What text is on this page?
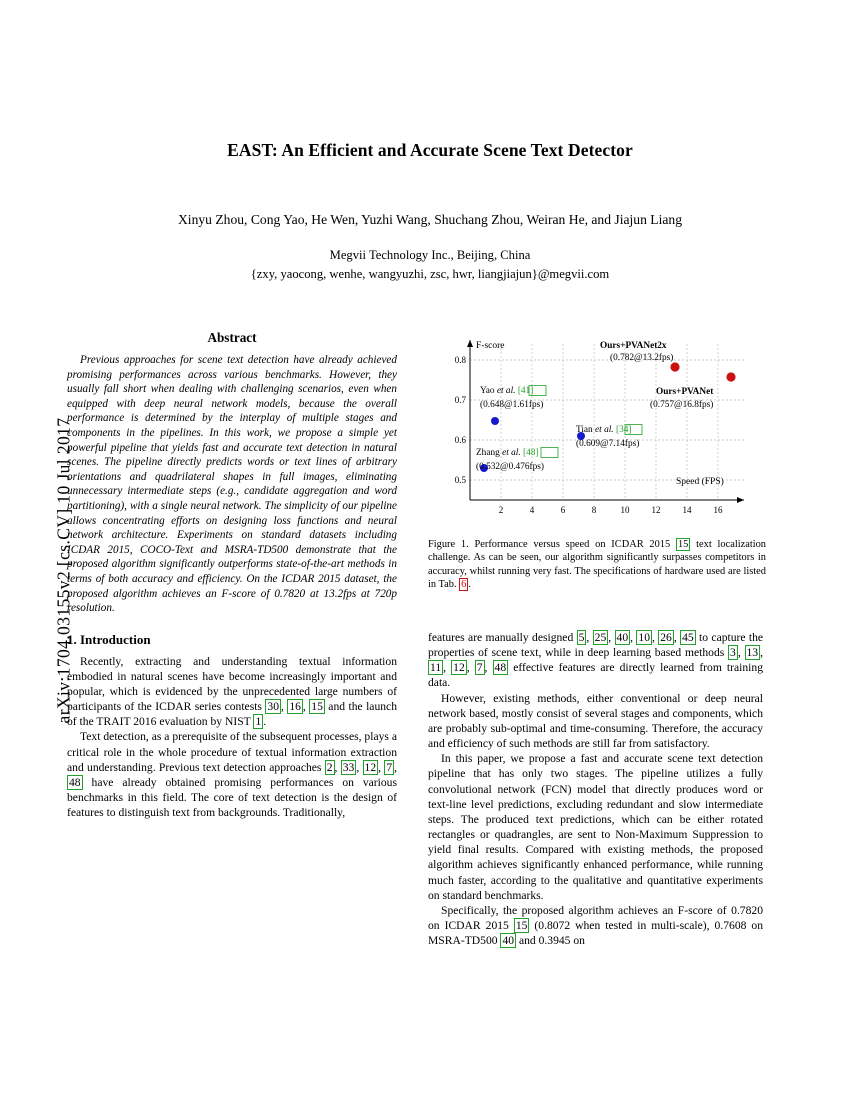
arXiv:1704.03155v2 [cs.CV] 10 Jul 2017
EAST: An Efficient and Accurate Scene Text Detector
Xinyu Zhou, Cong Yao, He Wen, Yuzhi Wang, Shuchang Zhou, Weiran He, and Jiajun Liang
Megvii Technology Inc., Beijing, China
{zxy, yaocong, wenhe, wangyuzhi, zsc, hwr, liangjiajun}@megvii.com
Abstract

Previous approaches for scene text detection have already achieved promising performances across various benchmarks. However, they usually fall short when dealing with challenging scenarios, even when equipped with deep neural network models, because the overall performance is determined by the interplay of multiple stages and components in the pipelines. In this work, we propose a simple yet powerful pipeline that yields fast and accurate text detection in natural scenes. The pipeline directly predicts words or text lines of arbitrary orientations and quadrilateral shapes in full images, eliminating unnecessary intermediate steps (e.g., candidate aggregation and word partitioning), with a single neural network. The simplicity of our pipeline allows concentrating efforts on designing loss functions and neural network architecture. Experiments on standard datasets including ICDAR 2015, COCO-Text and MSRA-TD500 demonstrate that the proposed algorithm significantly outperforms state-of-the-art methods in terms of both accuracy and efficiency. On the ICDAR 2015 dataset, the proposed algorithm achieves an F-score of 0.7820 at 13.2fps at 720p resolution.

1. Introduction

Recently, extracting and understanding textual information embodied in natural scenes have become increasingly important and popular, which is evidenced by the unprecedented large numbers of participants of the ICDAR series contests 30 , 16 , 15 and the launch of the TRAIT 2016 evaluation by NIST 1 .

Text detection, as a prerequisite of the subsequent processes, plays a critical role in the whole procedure of textual information extraction and understanding. Previous text detection approaches 2 , 33 , 12 , 7 , 48 have already obtained promising performances on various benchmarks in this field. The core of text detection is the design of features to distinguish text from backgrounds. Traditionally,

0.8
0.7
0.6
0.5
2	4	6	8	10 12 14 16
F-score
Speed (FPS)
Ours+PVANet2x
(0.782@13.2fps)
Ours+PVANet
(0.757@16.8fps)
Yao et al. [41]
(0.648@1.61fps)
Tian et al. [34]
(0.609@7.14fps)
Zhang et al. [48]
(0.532@0.476fps)
Figure 1. Performance versus speed on ICDAR 2015 15 text localization challenge. As can be seen, our algorithm significantly surpasses competitors in accuracy, whilst running very fast. The specifications of hardware used are listed in Tab. 6 .

features are manually designed 5 , 25 , 40 , 10 , 26 , 45 to capture the properties of scene text, while in deep learning based methods 3 , 13 , 11 , 12 , 7 , 48 effective features are directly learned from training data.

However, existing methods, either conventional or deep neural network based, mostly consist of several stages and components, which are probably sub-optimal and time-consuming. Therefore, the accuracy and efficiency of such methods are still far from satisfactory.

In this paper, we propose a fast and accurate scene text detection pipeline that has only two stages. The pipeline utilizes a fully convolutional network (FCN) model that directly produces word or text-line level predictions, excluding redundant and slow intermediate steps. The produced text predictions, which can be either rotated rectangles or quadrangles, are sent to Non-Maximum Suppression to yield final results. Compared with existing methods, the proposed algorithm achieves significantly enhanced performance, while running much faster, according to the qualitative and quantitative experiments on standard benchmarks.

Specifically, the proposed algorithm achieves an F-score of 0.7820 on ICDAR 2015 15 (0.8072 when tested in multi-scale), 0.7608 on MSRA-TD500 40 and 0.3945 on
